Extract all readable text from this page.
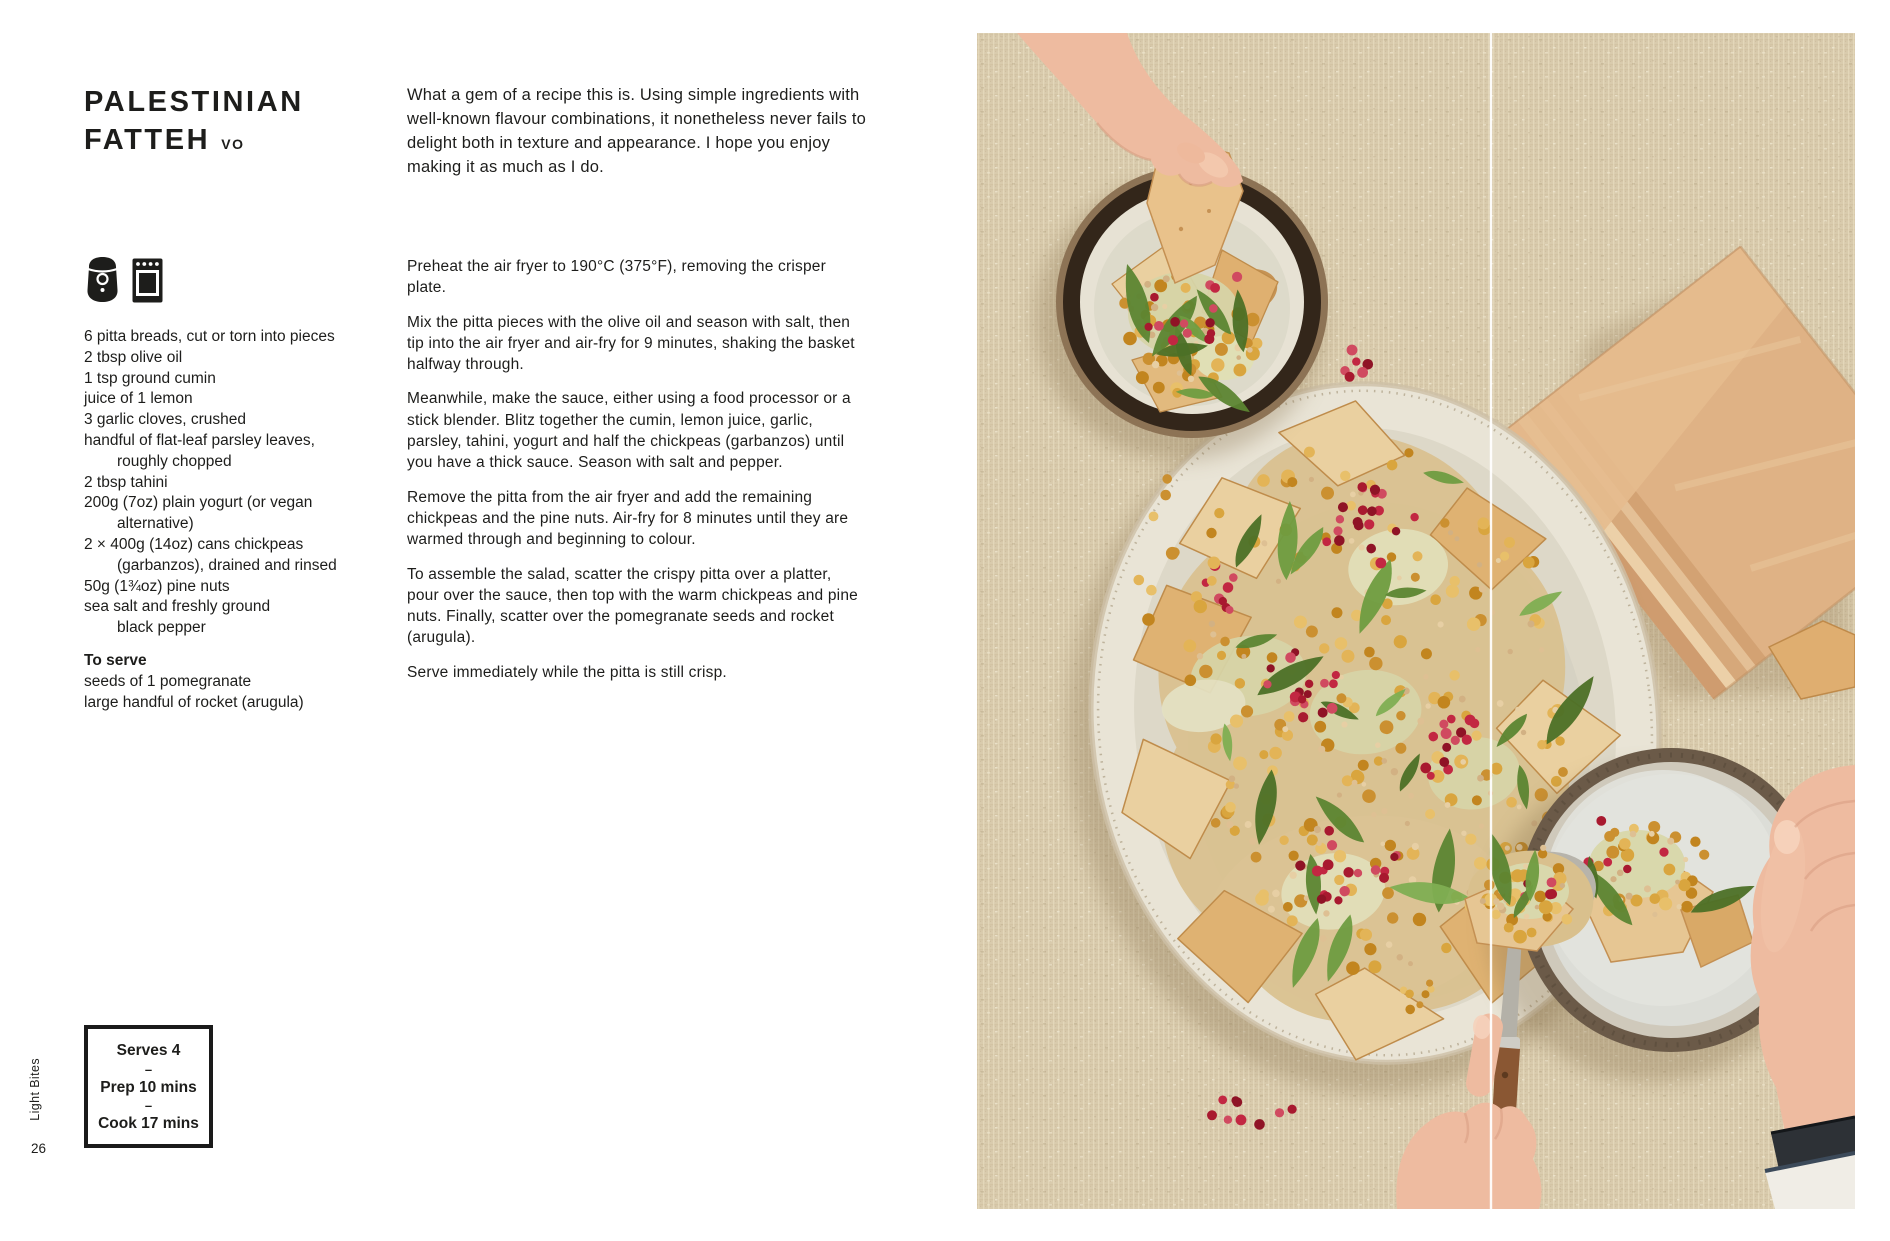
PALESTINIAN
FATTEH VO

What a gem of a recipe this is. Using simple ingredients with well-known flavour combinations, it nonetheless never fails to delight both in texture and appearance. I hope you enjoy making it as much as I do.

6 pitta breads, cut or torn into pieces
2 tbsp olive oil
1 tsp ground cumin
juice of 1 lemon
3 garlic cloves, crushed
handful of flat-leaf parsley leaves,
roughly chopped
2 tbsp tahini
200g (7oz) plain yogurt (or vegan
alternative)
2 × 400g (14oz) cans chickpeas
(garbanzos), drained and rinsed
50g (1¾oz) pine nuts
sea salt and freshly ground
black pepper
To serve
seeds of 1 pomegranate
large handful of rocket (arugula)

Preheat the air fryer to 190°C (375°F), removing the crisper plate.

Mix the pitta pieces with the olive oil and season with salt, then tip into the air fryer and air-fry for 9 minutes, shaking the basket halfway through.

Meanwhile, make the sauce, either using a food processor or a stick blender. Blitz together the cumin, lemon juice, garlic, parsley, tahini, yogurt and half the chickpeas (garbanzos) until you have a thick sauce. Season with salt and pepper.

Remove the pitta from the air fryer and add the remaining chickpeas and the pine nuts. Air-fry for 8 minutes until they are warmed through and beginning to colour.

To assemble the salad, scatter the crispy pitta over a platter, pour over the sauce, then top with the warm chickpeas and pine nuts. Finally, scatter over the pomegranate seeds and rocket (arugula).

Serve immediately while the pitta is still crisp.

Serves 4
–
Prep 10 mins
–
Cook 17 mins
Light Bites
26
